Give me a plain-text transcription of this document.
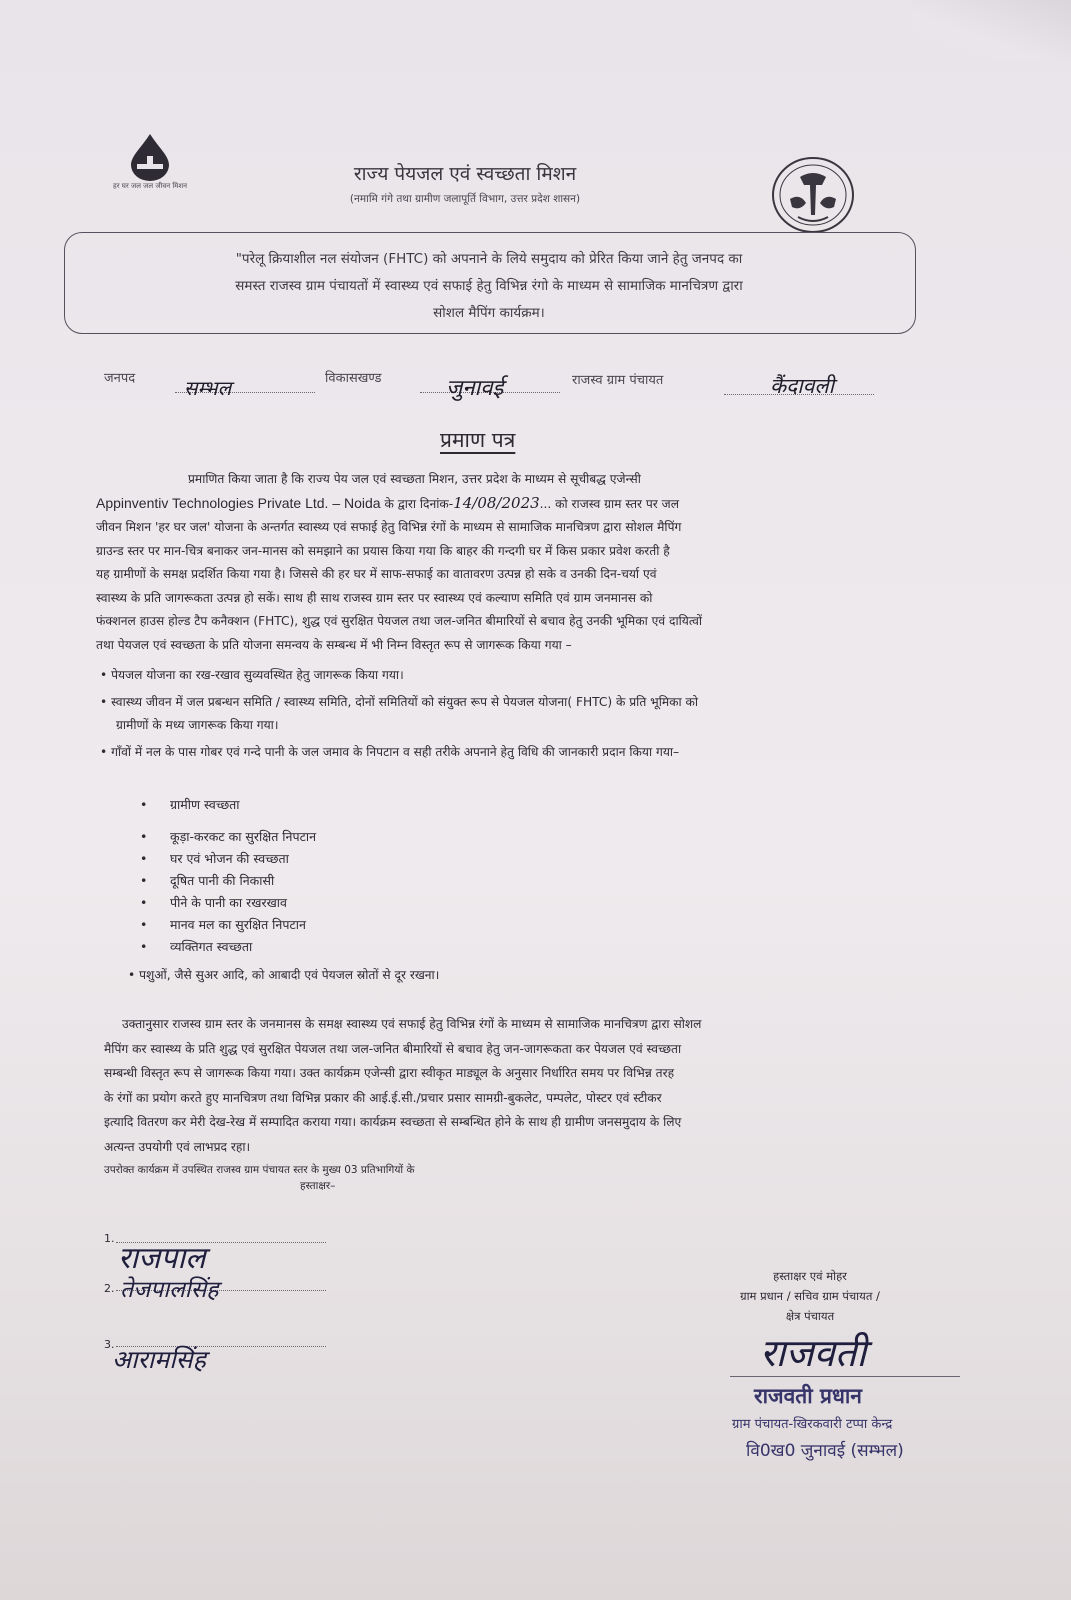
हर घर जल जल जीवन मिशन
राज्य पेयजल एवं स्वच्छता मिशन
(नमामि गंगे तथा ग्रामीण जलापूर्ति विभाग, उत्तर प्रदेश शासन)
"परेलू क्रियाशील नल संयोजन (FHTC) को अपनाने के लिये समुदाय को प्रेरित किया जाने हेतु जनपद का
समस्त राजस्व ग्राम पंचायतों में स्वास्थ्य एवं सफाई हेतु विभिन्न रंगो के माध्यम से सामाजिक मानचित्रण द्वारा
सोशल मैपिंग कार्यक्रम।
जनपद सम्भल	विकासखण्ड	जुनावई	राजस्व ग्राम पंचायत	कैंदावली
प्रमाण पत्र
प्रमाणित किया जाता है कि राज्य पेय जल एवं स्वच्छता मिशन, उत्तर प्रदेश के माध्यम से सूचीबद्ध एजेन्सी
Appinventiv Technologies Private Ltd. – Noida के द्वारा दिनांक-14/08/2023... को राजस्व ग्राम स्तर पर जल
जीवन मिशन 'हर घर जल' योजना के अन्तर्गत स्वास्थ्य एवं सफाई हेतु विभिन्न रंगों के माध्यम से सामाजिक मानचित्रण द्वारा सोशल मैपिंग
ग्राउन्ड स्तर पर मान-चित्र बनाकर जन-मानस को समझाने का प्रयास किया गया कि बाहर की गन्दगी घर में किस प्रकार प्रवेश करती है
यह ग्रामीणों के समक्ष प्रदर्शित किया गया है। जिससे की हर घर में साफ-सफाई का वातावरण उत्पन्न हो सके व उनकी दिन-चर्या एवं
स्वास्थ्य के प्रति जागरूकता उत्पन्न हो सकें। साथ ही साथ राजस्व ग्राम स्तर पर स्वास्थ्य एवं कल्याण समिति एवं ग्राम जनमानस को
फंक्शनल हाउस होल्ड टैप कनैक्शन (FHTC), शुद्ध एवं सुरक्षित पेयजल तथा जल-जनित बीमारियों से बचाव हेतु उनकी भूमिका एवं दायित्वों
तथा पेयजल एवं स्वच्छता के प्रति योजना समन्वय के सम्बन्ध में भी निम्न विस्तृत रूप से जागरूक किया गया –
• पेयजल योजना का रख-रखाव सुव्यवस्थित हेतु जागरूक किया गया।
• स्वास्थ्य जीवन में जल प्रबन्धन समिति / स्वास्थ्य समिति, दोनों समितियों को संयुक्त रूप से पेयजल योजना( FHTC) के प्रति भूमिका को
ग्रामीणों के मध्य जागरूक किया गया।
• गाँवों में नल के पास गोबर एवं गन्दे पानी के जल जमाव के निपटान व सही तरीके अपनाने हेतु विधि की जानकारी प्रदान किया गया–
• ग्रामीण स्वच्छता
• कूड़ा-करकट का सुरक्षित निपटान
• घर एवं भोजन की स्वच्छता
• दूषित पानी की निकासी
• पीने के पानी का रखरखाव
• मानव मल का सुरक्षित निपटान
• व्यक्तिगत स्वच्छता
• पशुओं, जैसे सुअर आदि, को आबादी एवं पेयजल स्रोतों से दूर रखना।
उक्तानुसार राजस्व ग्राम स्तर के जनमानस के समक्ष स्वास्थ्य एवं सफाई हेतु विभिन्न रंगों के माध्यम से सामाजिक मानचित्रण द्वारा सोशल
मैपिंग कर स्वास्थ्य के प्रति शुद्ध एवं सुरक्षित पेयजल तथा जल-जनित बीमारियों से बचाव हेतु जन-जागरूकता कर पेयजल एवं स्वच्छता
सम्बन्धी विस्तृत रूप से जागरूक किया गया। उक्त कार्यक्रम एजेन्सी द्वारा स्वीकृत माड्यूल के अनुसार निर्धारित समय पर विभिन्न तरह
के रंगों का प्रयोग करते हुए मानचित्रण तथा विभिन्न प्रकार की आई.ई.सी./प्रचार प्रसार सामग्री-बुकलेट, पम्पलेट, पोस्टर एवं स्टीकर
इत्यादि वितरण कर मेरी देख-रेख में सम्पादित कराया गया। कार्यक्रम स्वच्छता से सम्बन्धित होने के साथ ही ग्रामीण जनसमुदाय के लिए
अत्यन्त उपयोगी एवं लाभप्रद रहा।
उपरोक्त कार्यक्रम में उपस्थित राजस्व ग्राम पंचायत स्तर के मुख्य 03 प्रतिभागियों के
हस्ताक्षर–
1.
राजपाल
2. तेजपालसिंह
3.
आरामसिंह
हस्ताक्षर एवं मोहर
ग्राम प्रधान / सचिव ग्राम पंचायत /
क्षेत्र पंचायत
राजवती
राजवती प्रधान
ग्राम पंचायत-खिरकवारी टप्पा केन्द्र
वि0ख0 जुनावई (सम्भल)
